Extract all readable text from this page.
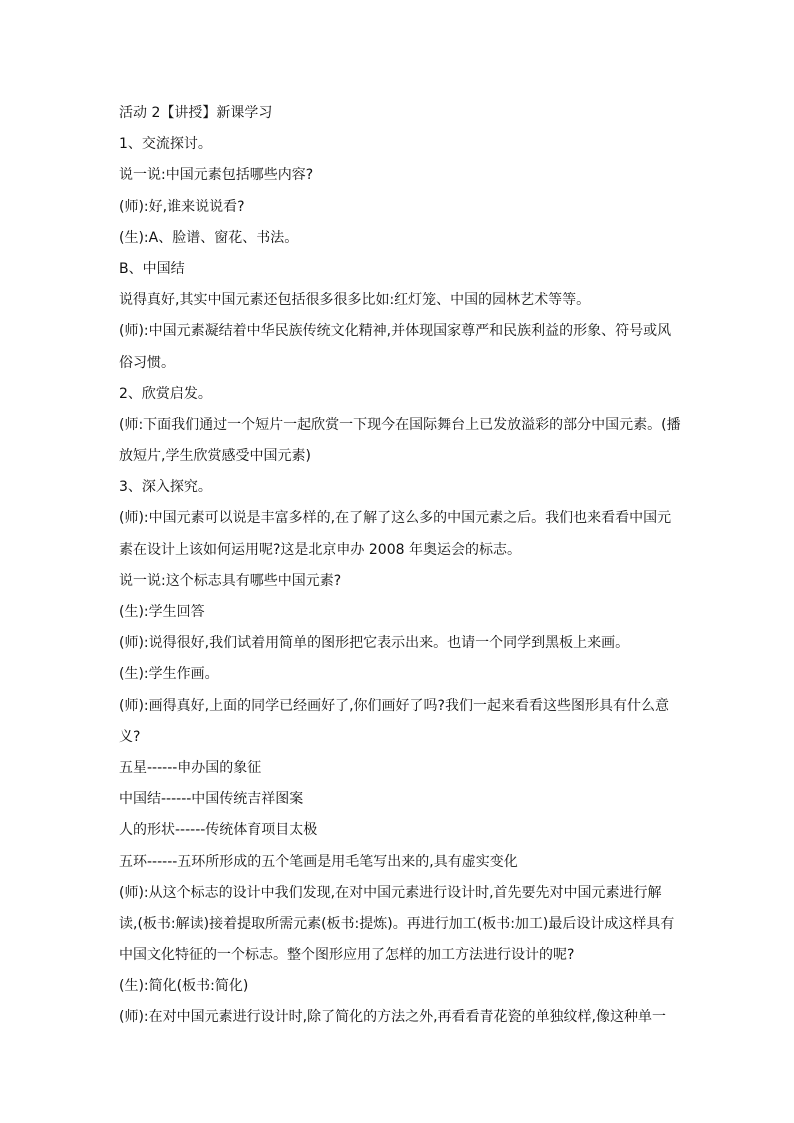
活动 2【讲授】新课学习
1、交流探讨。
说一说:中国元素包括哪些内容?
(师):好,谁来说说看?
(生):A、脸谱、窗花、书法。
B、中国结
说得真好,其实中国元素还包括很多很多比如:红灯笼、中国的园林艺术等等。
(师):中国元素凝结着中华民族传统文化精神,并体现国家尊严和民族利益的形象、符号或风
俗习惯。
2、欣赏启发。
(师:下面我们通过一个短片一起欣赏一下现今在国际舞台上已发放溢彩的部分中国元素。(播
放短片,学生欣赏感受中国元素)
3、深入探究。
(师):中国元素可以说是丰富多样的,在了解了这么多的中国元素之后。我们也来看看中国元
素在设计上该如何运用呢?这是北京申办 2008 年奥运会的标志。
说一说:这个标志具有哪些中国元素?
(生):学生回答
(师):说得很好,我们试着用简单的图形把它表示出来。也请一个同学到黑板上来画。
(生):学生作画。
(师):画得真好,上面的同学已经画好了,你们画好了吗?我们一起来看看这些图形具有什么意
义?
五星------申办国的象征
中国结------中国传统吉祥图案
人的形状------传统体育项目太极
五环------五环所形成的五个笔画是用毛笔写出来的,具有虚实变化
(师):从这个标志的设计中我们发现,在对中国元素进行设计时,首先要先对中国元素进行解
读,(板书:解读)接着提取所需元素(板书:提炼)。再进行加工(板书:加工)最后设计成这样具有
中国文化特征的一个标志。整个图形应用了怎样的加工方法进行设计的呢?
(生):简化(板书:简化)
(师):在对中国元素进行设计时,除了简化的方法之外,再看看青花瓷的单独纹样,像这种单一
